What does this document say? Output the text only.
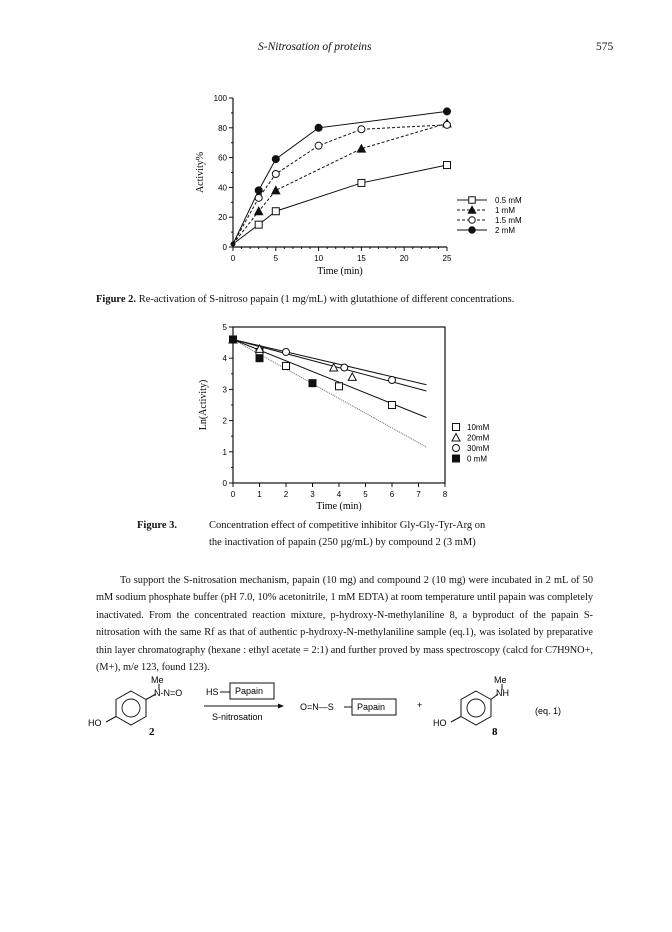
S-Nitrosation of proteins	575
0
20
40
60
80
100
0	5	10	15	20	25
Time (min)
Activity%
0.5 mM
1 mM
1.5 mM
2 mM
Figure 2. Re-activation of S-nitroso papain (1 mg/mL) with glutathione of different concentrations.
0
1
2
3
4
5
0	1	2	3	4	5	6	7	8
Time (min)
Ln(Activity)	10mM
20mM
30mM
0 mM
Figure 3.	Concentration effect of competitive inhibitor Gly-Gly-Tyr-Arg on
the inactivation of papain (250 µg/mL) by compound 2 (3 mM)

To support the S-nitrosation mechanism, papain (10 mg) and compound 2 (10 mg) were incubated in 2 mL of 50 mM sodium phosphate buffer (pH 7.0, 10% acetonitrile, 1 mM EDTA) at room temperature until papain was completely inactivated. From the concentrated reaction mixture, p-hydroxy-N-methylaniline 8, a byproduct of the papain S-nitrosation with the same Rf as that of authentic p-hydroxy-N-methylaniline sample (eq.1), was isolated by preparative thin layer chromatography (hexane : ethyl acetate = 2:1) and further proved by mass spectroscopy (calcd for C7H9NO+, (M+), m/e 123, found 123).

Me
N-N=O
HO
2
HS Papain
S-nitrosation
O=N—S	Papain	+
Me
NH
HO
8
(eq. 1)
